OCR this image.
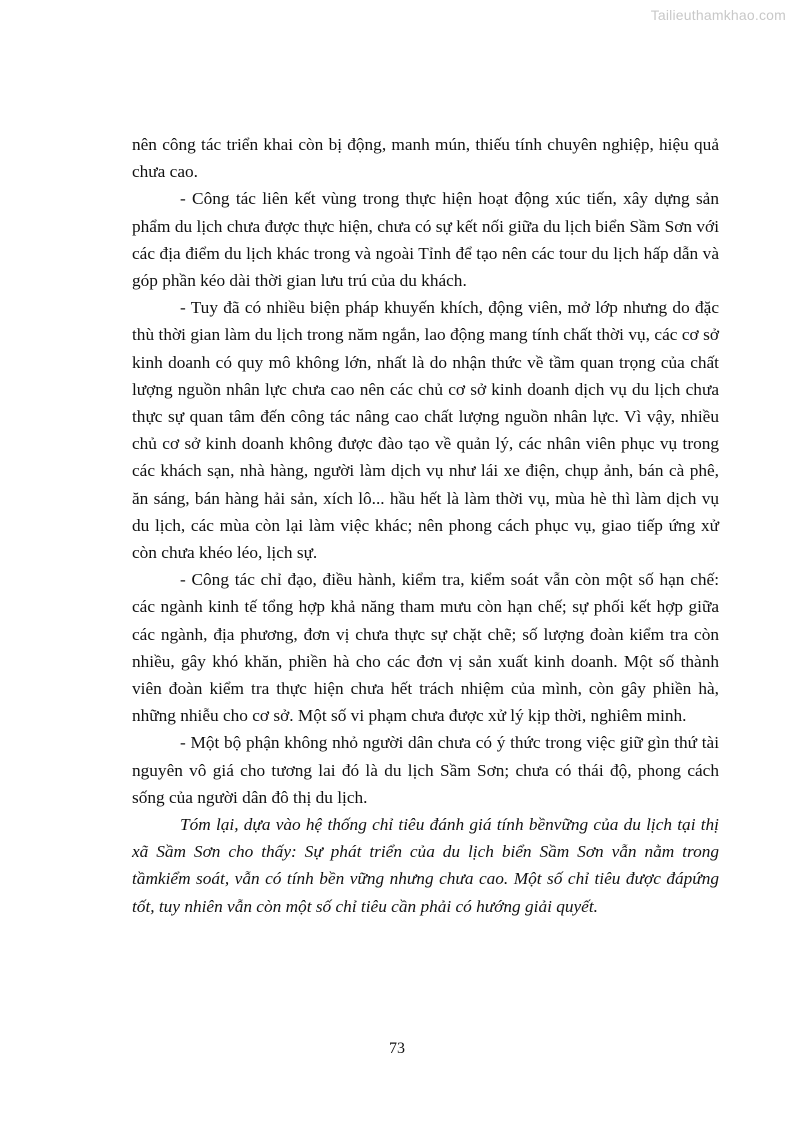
Tailieuthamkhao.com

nên công tác triển khai còn bị động, manh mún, thiếu tính chuyên nghiệp, hiệu quả chưa cao.

- Công tác liên kết vùng trong thực hiện hoạt động xúc tiến, xây dựng sản phẩm du lịch chưa được thực hiện, chưa có sự kết nối giữa du lịch biển Sầm Sơn với các địa điểm du lịch khác trong và ngoài Tỉnh để tạo nên các tour du lịch hấp dẫn và góp phần kéo dài thời gian lưu trú của du khách.

- Tuy đã có nhiều biện pháp khuyến khích, động viên, mở lớp nhưng do đặc thù thời gian làm du lịch trong năm ngắn, lao động mang tính chất thời vụ, các cơ sở kinh doanh có quy mô không lớn, nhất là do nhận thức về tầm quan trọng của chất lượng nguồn nhân lực chưa cao nên các chủ cơ sở kinh doanh dịch vụ du lịch chưa thực sự quan tâm đến công tác nâng cao chất lượng nguồn nhân lực. Vì vậy, nhiều chủ cơ sở kinh doanh không được đào tạo về quản lý, các nhân viên phục vụ trong các khách sạn, nhà hàng, người làm dịch vụ như lái xe điện, chụp ảnh, bán cà phê, ăn sáng, bán hàng hải sản, xích lô... hầu hết là làm thời vụ, mùa hè thì làm dịch vụ du lịch, các mùa còn lại làm việc khác; nên phong cách phục vụ, giao tiếp ứng xử còn chưa khéo léo, lịch sự.

- Công tác chỉ đạo, điều hành, kiểm tra, kiểm soát vẫn còn một số hạn chế: các ngành kinh tế tổng hợp khả năng tham mưu còn hạn chế; sự phối kết hợp giữa các ngành, địa phương, đơn vị chưa thực sự chặt chẽ; số lượng đoàn kiểm tra còn nhiều, gây khó khăn, phiền hà cho các đơn vị sản xuất kinh doanh. Một số thành viên đoàn kiểm tra thực hiện chưa hết trách nhiệm của mình, còn gây phiền hà, những nhiễu cho cơ sở. Một số vi phạm chưa được xử lý kịp thời, nghiêm minh.

- Một bộ phận không nhỏ người dân chưa có ý thức trong việc giữ gìn thứ tài nguyên vô giá cho tương lai đó là du lịch Sầm Sơn; chưa có thái độ, phong cách sống của người dân đô thị du lịch.

Tóm lại, dựa vào hệ thống chỉ tiêu đánh giá tính bềnvững của du lịch tại thị xã Sầm Sơn cho thấy: Sự phát triển của du lịch biển Sầm Sơn vẫn nằm trong tầmkiểm soát, vẫn có tính bền vững nhưng chưa cao. Một số chỉ tiêu được đápứng tốt, tuy nhiên vẫn còn một số chỉ tiêu cần phải có hướng giải quyết.

73
